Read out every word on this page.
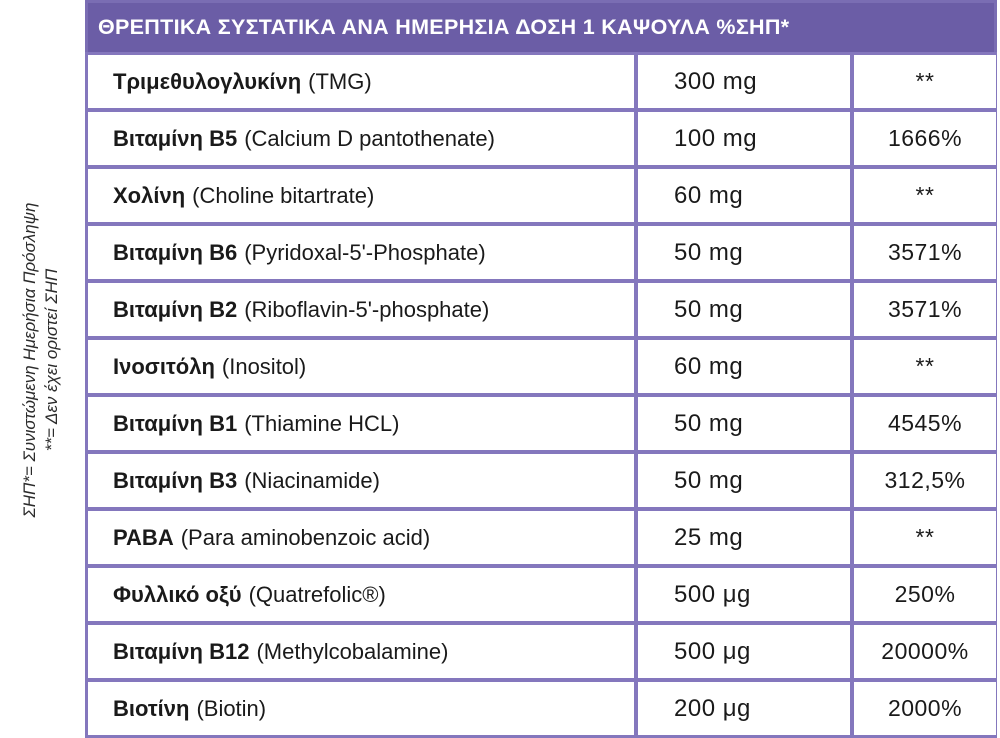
ΣΗΠ*= Συνιστώμενη Ημερήσια Πρόσληψη **= Δεν έχει οριστεί ΣΗΠ
ΘΡΕΠΤΙΚΑ ΣΥΣΤΑΤΙΚΑ ΑΝΑ ΗΜΕΡΗΣΙΑ ΔΟΣΗ 1 ΚΑΨΟΥΛΑ %ΣΗΠ*
Τριμεθυλογλυκίνη (TMG)	300 mg	**
Βιταμίνη Β5 (Calcium D pantothenate)	100 mg	1666%
Χολίνη (Choline bitartrate)	60 mg	**
Βιταμίνη Β6 (Pyridoxal-5'-Phosphate)	50 mg	3571%
Βιταμίνη Β2 (Riboflavin-5'-phosphate)	50 mg	3571%
Ινοσιτόλη (Inositol)	60 mg	**
Βιταμίνη Β1 (Thiamine HCL)	50 mg	4545%
Βιταμίνη Β3 (Niacinamide)	50 mg	312,5%
PABA (Para aminobenzoic acid)	25 mg	**
Φυλλικό οξύ (Quatrefolic®)	500 μg	250%
Βιταμίνη Β12 (Methylcobalamine)	500 μg	20000%
Βιοτίνη (Biotin)	200 μg	2000%
